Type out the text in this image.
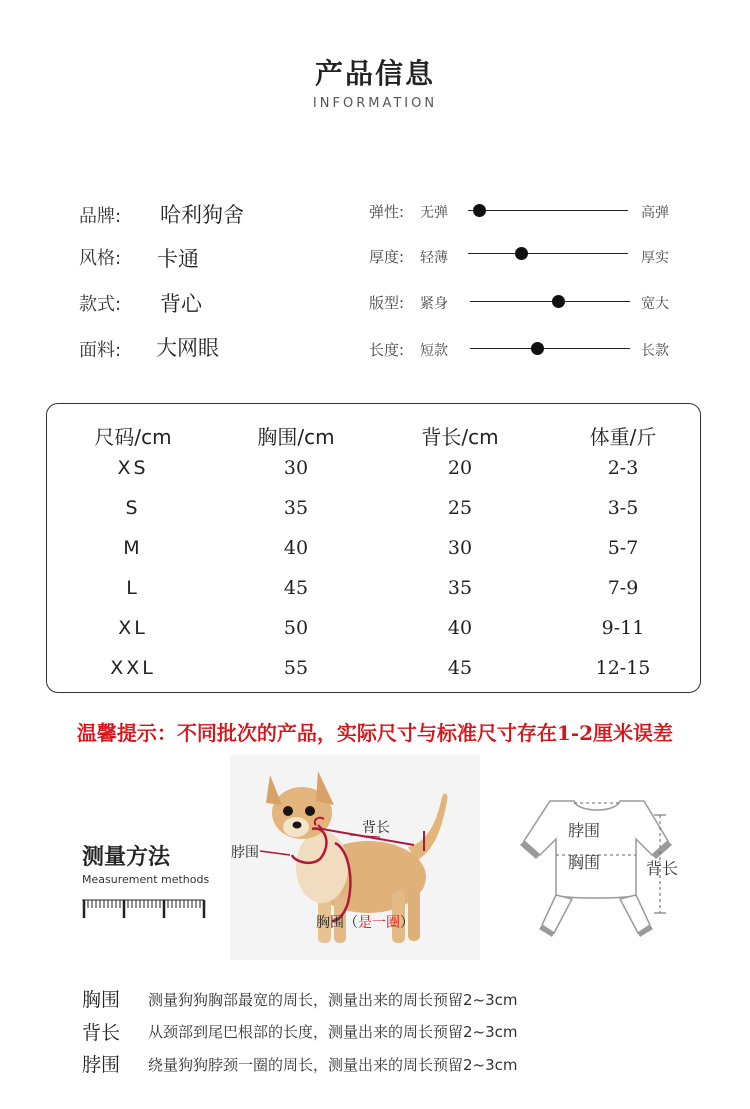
产品信息
INFORMATION
品牌: 哈利狗舍
风格: 卡通
款式: 背心
面料: 大网眼
弹性: 无弹	高弹
厚度: 轻薄	厚实
版型: 紧身	宽大
长度: 短款	长款
尺码/cm	胸围/cm	背长/cm	体重/斤
XS	30	20	2-3
S	35	25	3-5
M	40	30	5-7
L	45	35	7-9
XL	50	40	9-11
XXL	55	45	12-15
温馨提示：不同批次的产品，实际尺寸与标准尺寸存在1-2厘米误差
测量方法
Measurement methods
脖围
背长
胸围（是一圈）
脖围
胸围	背长
胸围 测量狗狗胸部最宽的周长，测量出来的周长预留2~3cm
背长 从颈部到尾巴根部的长度，测量出来的周长预留2~3cm
脖围 绕量狗狗脖颈一圈的周长，测量出来的周长预留2~3cm
